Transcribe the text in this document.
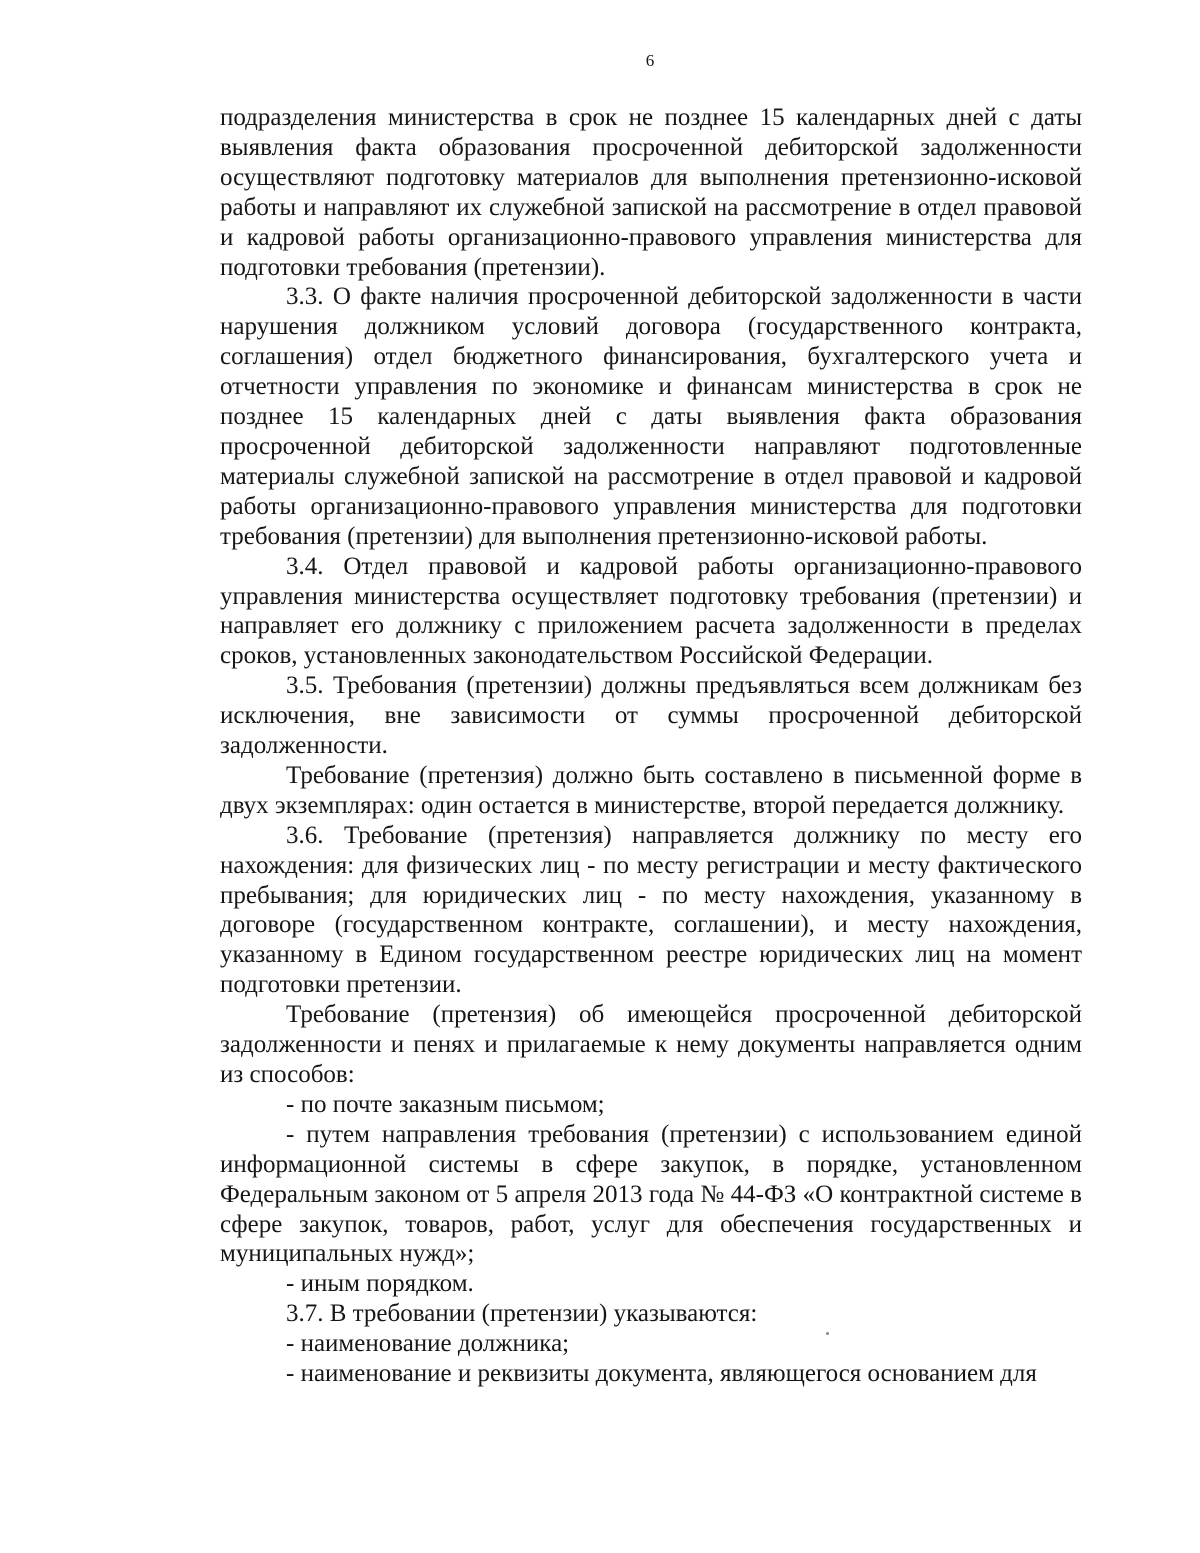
6

подразделения министерства в срок не позднее 15 календарных дней с даты выявления факта образования просроченной дебиторской задолженности осуществляют подготовку материалов для выполнения претензионно-исковой работы и направляют их служебной запиской на рассмотрение в отдел правовой и кадровой работы организационно-правового управления министерства для подготовки требования (претензии).

3.3. О факте наличия просроченной дебиторской задолженности в части нарушения должником условий договора (государственного контракта, соглашения) отдел бюджетного финансирования, бухгалтерского учета и отчетности управления по экономике и финансам министерства в срок не позднее 15 календарных дней с даты выявления факта образования просроченной дебиторской задолженности направляют подготовленные материалы служебной запиской на рассмотрение в отдел правовой и кадровой работы организационно-правового управления министерства для подготовки требования (претензии) для выполнения претензионно-исковой работы.

3.4. Отдел правовой и кадровой работы организационно-правового управления министерства осуществляет подготовку требования (претензии) и направляет его должнику с приложением расчета задолженности в пределах сроков, установленных законодательством Российской Федерации.

3.5. Требования (претензии) должны предъявляться всем должникам без исключения, вне зависимости от суммы просроченной дебиторской задолженности.

Требование (претензия) должно быть составлено в письменной форме в двух экземплярах: один остается в министерстве, второй передается должнику.

3.6. Требование (претензия) направляется должнику по месту его нахождения: для физических лиц - по месту регистрации и месту фактического пребывания; для юридических лиц - по месту нахождения, указанному в договоре (государственном контракте, соглашении), и месту нахождения, указанному в Едином государственном реестре юридических лиц на момент подготовки претензии.

Требование (претензия) об имеющейся просроченной дебиторской задолженности и пенях и прилагаемые к нему документы направляется одним из способов:

- по почте заказным письмом;

- путем направления требования (претензии) с использованием единой информационной системы в сфере закупок, в порядке, установленном Федеральным законом от 5 апреля 2013 года № 44-ФЗ «О контрактной системе в сфере закупок, товаров, работ, услуг для обеспечения государственных и муниципальных нужд»;

- иным порядком.

3.7. В требовании (претензии) указываются:

- наименование должника;

- наименование и реквизиты документа, являющегося основанием для
